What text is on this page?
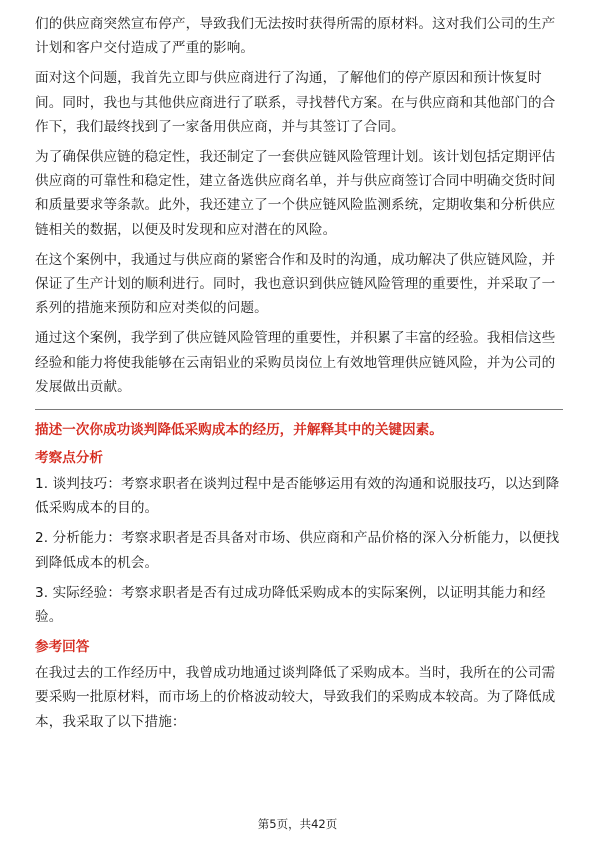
们的供应商突然宣布停产，导致我们无法按时获得所需的原材料。这对我们公司的生产计划和客户交付造成了严重的影响。

面对这个问题，我首先立即与供应商进行了沟通，了解他们的停产原因和预计恢复时间。同时，我也与其他供应商进行了联系，寻找替代方案。在与供应商和其他部门的合作下，我们最终找到了一家备用供应商，并与其签订了合同。

为了确保供应链的稳定性，我还制定了一套供应链风险管理计划。该计划包括定期评估供应商的可靠性和稳定性，建立备选供应商名单，并与供应商签订合同中明确交货时间和质量要求等条款。此外，我还建立了一个供应链风险监测系统，定期收集和分析供应链相关的数据，以便及时发现和应对潜在的风险。

在这个案例中，我通过与供应商的紧密合作和及时的沟通，成功解决了供应链风险，并保证了生产计划的顺利进行。同时，我也意识到供应链风险管理的重要性，并采取了一系列的措施来预防和应对类似的问题。

通过这个案例，我学到了供应链风险管理的重要性，并积累了丰富的经验。我相信这些经验和能力将使我能够在云南铝业的采购员岗位上有效地管理供应链风险，并为公司的发展做出贡献。

描述一次你成功谈判降低采购成本的经历，并解释其中的关键因素。

考察点分析

1. 谈判技巧：考察求职者在谈判过程中是否能够运用有效的沟通和说服技巧，以达到降低采购成本的目的。

2. 分析能力：考察求职者是否具备对市场、供应商和产品价格的深入分析能力，以便找到降低成本的机会。

3. 实际经验：考察求职者是否有过成功降低采购成本的实际案例，以证明其能力和经验。

参考回答

在我过去的工作经历中，我曾成功地通过谈判降低了采购成本。当时，我所在的公司需要采购一批原材料，而市场上的价格波动较大，导致我们的采购成本较高。为了降低成本，我采取了以下措施：

第5页，共42页
